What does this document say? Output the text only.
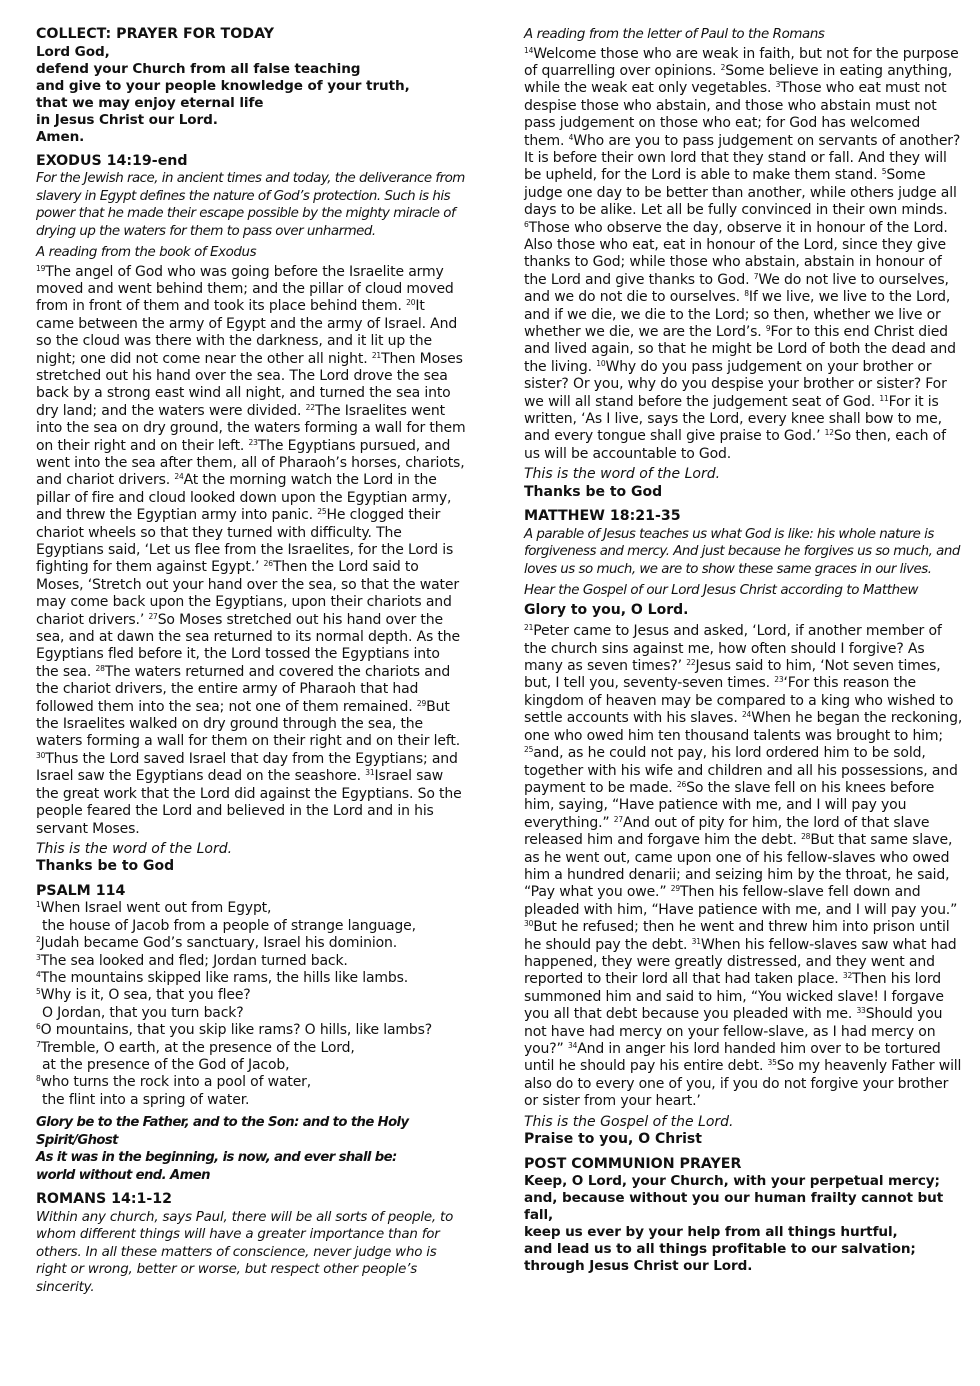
COLLECT: PRAYER FOR TODAY
Lord God,
defend your Church from all false teaching
and give to your people knowledge of your truth,
that we may enjoy eternal life
in Jesus Christ our Lord.
Amen.
EXODUS 14:19-end

For the Jewish race, in ancient times and today, the deliverance from slavery in Egypt defines the nature of God’s protection. Such is his power that he made their escape possible by the mighty miracle of drying up the waters for them to pass over unharmed.

A reading from the book of Exodus

$^{19}$The angel of God who was going before the Israelite army moved and went behind them; and the pillar of cloud moved from in front of them and took its place behind them. $^{20}$It came between the army of Egypt and the army of Israel. And so the cloud was there with the darkness, and it lit up the night; one did not come near the other all night. $^{21}$Then Moses stretched out his hand over the sea. The Lord drove the sea back by a strong east wind all night, and turned the sea into dry land; and the waters were divided. $^{22}$The Israelites went into the sea on dry ground, the waters forming a wall for them on their right and on their left. $^{23}$The Egyptians pursued, and went into the sea after them, all of Pharaoh’s horses, chariots, and chariot drivers. $^{24}$At the morning watch the Lord in the pillar of fire and cloud looked down upon the Egyptian army, and threw the Egyptian army into panic. $^{25}$He clogged their chariot wheels so that they turned with difficulty. The Egyptians said, ‘Let us flee from the Israelites, for the Lord is fighting for them against Egypt.’ $^{26}$Then the Lord said to Moses, ‘Stretch out your hand over the sea, so that the water may come back upon the Egyptians, upon their chariots and chariot drivers.’ $^{27}$So Moses stretched out his hand over the sea, and at dawn the sea returned to its normal depth. As the Egyptians fled before it, the Lord tossed the Egyptians into the sea. $^{28}$The waters returned and covered the chariots and the chariot drivers, the entire army of Pharaoh that had followed them into the sea; not one of them remained. $^{29}$But the Israelites walked on dry ground through the sea, the waters forming a wall for them on their right and on their left. $^{30}$Thus the Lord saved Israel that day from the Egyptians; and Israel saw the Egyptians dead on the seashore. $^{31}$Israel saw the great work that the Lord did against the Egyptians. So the people feared the Lord and believed in the Lord and in his servant Moses.

This is the word of the Lord.
Thanks be to God
PSALM 114
$^1$When Israel went out from Egypt,
the house of Jacob from a people of strange language,
$^2$Judah became God’s sanctuary, Israel his dominion.
$^3$The sea looked and fled; Jordan turned back.
$^4$The mountains skipped like rams, the hills like lambs.
$^5$Why is it, O sea, that you flee?
O Jordan, that you turn back?
$^6$O mountains, that you skip like rams? O hills, like lambs?
$^7$Tremble, O earth, at the presence of the Lord,
at the presence of the God of Jacob,
$^8$who turns the rock into a pool of water,
the flint into a spring of water.
Glory be to the Father, and to the Son: and to the Holy Spirit/Ghost
As it was in the beginning, is now, and ever shall be:
world without end. Amen
ROMANS 14:1-12

Within any church, says Paul, there will be all sorts of people, to whom different things will have a greater importance than for others. In all these matters of conscience, never judge who is right or wrong, better or worse, but respect other people’s sincerity.

A reading from the letter of Paul to the Romans

$^{14}$Welcome those who are weak in faith, but not for the purpose of quarrelling over opinions. $^2$Some believe in eating anything, while the weak eat only vegetables. $^3$Those who eat must not despise those who abstain, and those who abstain must not pass judgement on those who eat; for God has welcomed them. $^4$Who are you to pass judgement on servants of another? It is before their own lord that they stand or fall. And they will be upheld, for the Lord is able to make them stand. $^5$Some judge one day to be better than another, while others judge all days to be alike. Let all be fully convinced in their own minds. $^6$Those who observe the day, observe it in honour of the Lord. Also those who eat, eat in honour of the Lord, since they give thanks to God; while those who abstain, abstain in honour of the Lord and give thanks to God. $^7$We do not live to ourselves, and we do not die to ourselves. $^8$If we live, we live to the Lord, and if we die, we die to the Lord; so then, whether we live or whether we die, we are the Lord’s. $^9$For to this end Christ died and lived again, so that he might be Lord of both the dead and the living. $^{10}$Why do you pass judgement on your brother or sister? Or you, why do you despise your brother or sister? For we will all stand before the judgement seat of God. $^{11}$For it is written, ‘As I live, says the Lord, every knee shall bow to me, and every tongue shall give praise to God.’ $^{12}$So then, each of us will be accountable to God.

This is the word of the Lord.
Thanks be to God
MATTHEW 18:21-35

A parable of Jesus teaches us what God is like: his whole nature is forgiveness and mercy. And just because he forgives us so much, and loves us so much, we are to show these same graces in our lives.

Hear the Gospel of our Lord Jesus Christ according to Matthew

Glory to you, O Lord.

$^{21}$Peter came to Jesus and asked, ‘Lord, if another member of the church sins against me, how often should I forgive? As many as seven times?’ $^{22}$Jesus said to him, ‘Not seven times, but, I tell you, seventy-seven times. $^{23}$‘For this reason the kingdom of heaven may be compared to a king who wished to settle accounts with his slaves. $^{24}$When he began the reckoning, one who owed him ten thousand talents was brought to him; $^{25}$and, as he could not pay, his lord ordered him to be sold, together with his wife and children and all his possessions, and payment to be made. $^{26}$So the slave fell on his knees before him, saying, “Have patience with me, and I will pay you everything.” $^{27}$And out of pity for him, the lord of that slave released him and forgave him the debt. $^{28}$But that same slave, as he went out, came upon one of his fellow-slaves who owed him a hundred denarii; and seizing him by the throat, he said, “Pay what you owe.” $^{29}$Then his fellow-slave fell down and pleaded with him, “Have patience with me, and I will pay you.” $^{30}$But he refused; then he went and threw him into prison until he should pay the debt. $^{31}$When his fellow-slaves saw what had happened, they were greatly distressed, and they went and reported to their lord all that had taken place. $^{32}$Then his lord summoned him and said to him, “You wicked slave! I forgave you all that debt because you pleaded with me. $^{33}$Should you not have had mercy on your fellow-slave, as I had mercy on you?” $^{34}$And in anger his lord handed him over to be tortured until he should pay his entire debt. $^{35}$So my heavenly Father will also do to every one of you, if you do not forgive your brother or sister from your heart.’

This is the Gospel of the Lord.
Praise to you, O Christ
POST COMMUNION PRAYER
Keep, O Lord, your Church, with your perpetual mercy;
and, because without you our human frailty cannot but fall,
keep us ever by your help from all things hurtful,
and lead us to all things profitable to our salvation;
through Jesus Christ our Lord.
